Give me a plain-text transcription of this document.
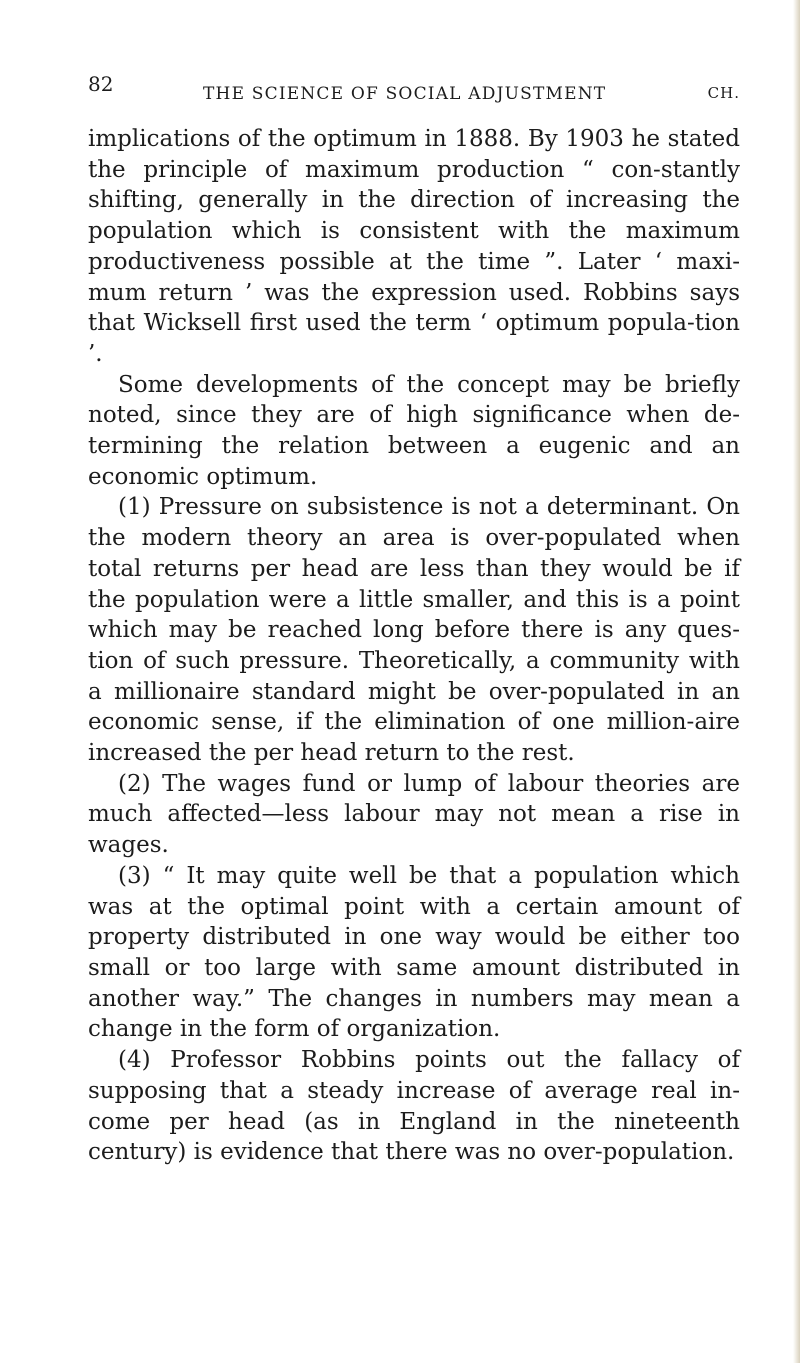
82	THE SCIENCE OF SOCIAL ADJUSTMENT	CH.

implications of the optimum in 1888. By 1903 he stated the principle of maximum production “ con-stantly shifting, generally in the direction of increasing the population which is consistent with the maximum productiveness possible at the time ”. Later ‘ maxi-mum return ’ was the expression used. Robbins says that Wicksell first used the term ‘ optimum popula-tion ’.

Some developments of the concept may be briefly noted, since they are of high significance when de-termining the relation between a eugenic and an economic optimum.

(1) Pressure on subsistence is not a determinant. On the modern theory an area is over-populated when total returns per head are less than they would be if the population were a little smaller, and this is a point which may be reached long before there is any ques-tion of such pressure. Theoretically, a community with a millionaire standard might be over-populated in an economic sense, if the elimination of one million-aire increased the per head return to the rest.

(2) The wages fund or lump of labour theories are much affected—less labour may not mean a rise in wages.

(3) “ It may quite well be that a population which was at the optimal point with a certain amount of property distributed in one way would be either too small or too large with same amount distributed in another way.” The changes in numbers may mean a change in the form of organization.

(4) Professor Robbins points out the fallacy of supposing that a steady increase of average real in-come per head (as in England in the nineteenth century) is evidence that there was no over-population.
